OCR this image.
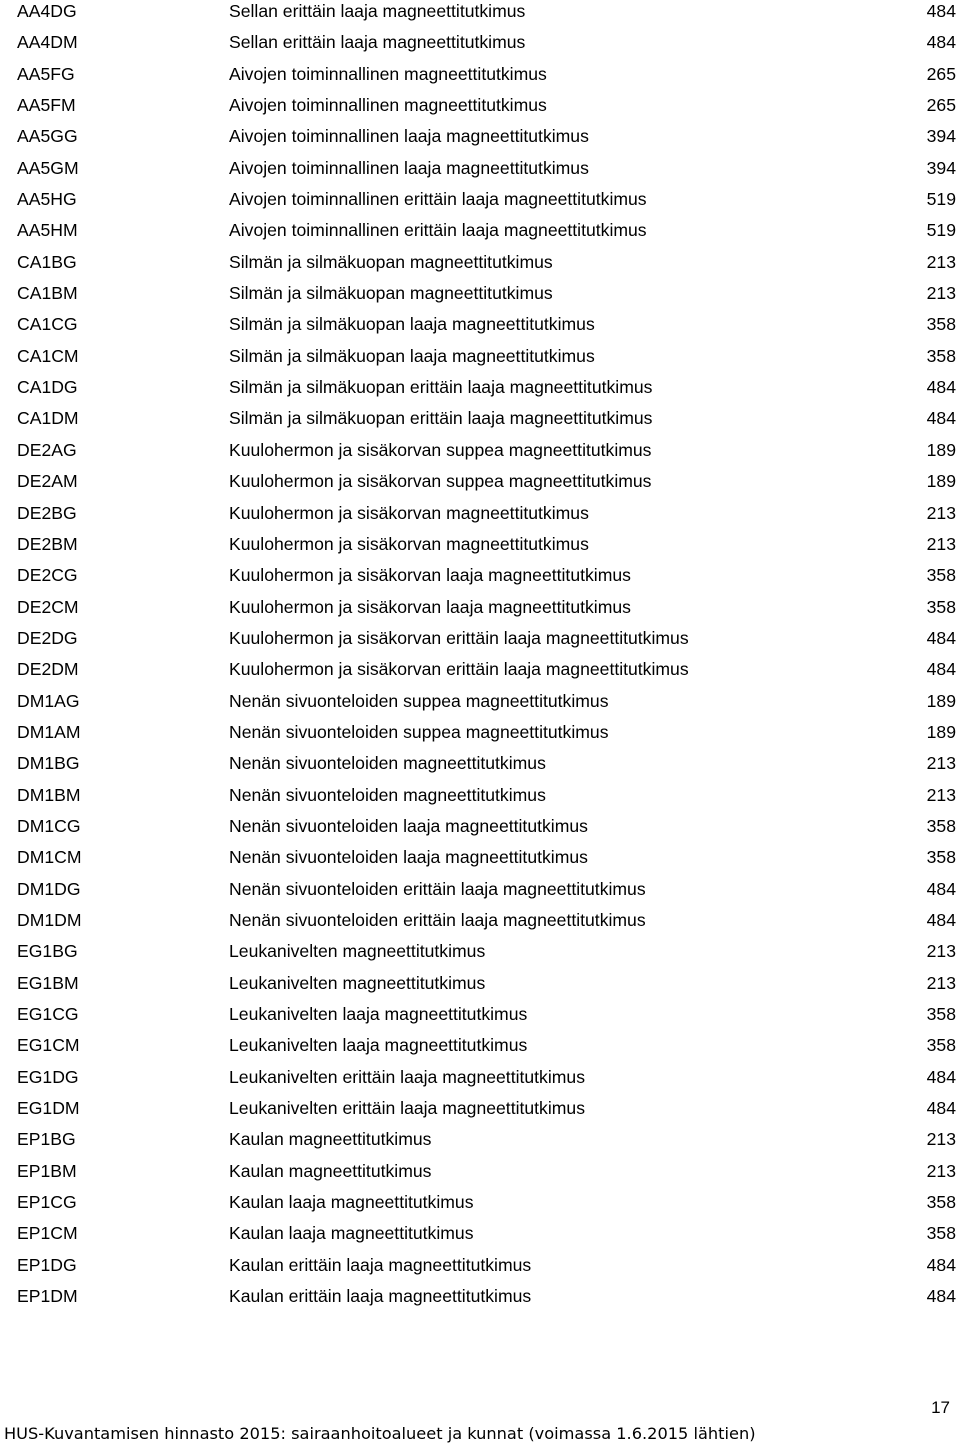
AA4DG	Sellan erittäin laaja magneettitutkimus	484
AA4DM	Sellan erittäin laaja magneettitutkimus	484
AA5FG	Aivojen toiminnallinen magneettitutkimus	265
AA5FM	Aivojen toiminnallinen magneettitutkimus	265
AA5GG	Aivojen toiminnallinen laaja magneettitutkimus	394
AA5GM	Aivojen toiminnallinen laaja magneettitutkimus	394
AA5HG	Aivojen toiminnallinen erittäin laaja magneettitutkimus	519
AA5HM	Aivojen toiminnallinen erittäin laaja magneettitutkimus	519
CA1BG	Silmän ja silmäkuopan magneettitutkimus	213
CA1BM	Silmän ja silmäkuopan magneettitutkimus	213
CA1CG	Silmän ja silmäkuopan laaja magneettitutkimus	358
CA1CM	Silmän ja silmäkuopan laaja magneettitutkimus	358
CA1DG	Silmän ja silmäkuopan erittäin laaja magneettitutkimus	484
CA1DM	Silmän ja silmäkuopan erittäin laaja magneettitutkimus	484
DE2AG	Kuulohermon ja sisäkorvan suppea magneettitutkimus	189
DE2AM	Kuulohermon ja sisäkorvan suppea magneettitutkimus	189
DE2BG	Kuulohermon ja sisäkorvan magneettitutkimus	213
DE2BM	Kuulohermon ja sisäkorvan magneettitutkimus	213
DE2CG	Kuulohermon ja sisäkorvan laaja magneettitutkimus	358
DE2CM	Kuulohermon ja sisäkorvan laaja magneettitutkimus	358
DE2DG	Kuulohermon ja sisäkorvan erittäin laaja magneettitutkimus	484
DE2DM	Kuulohermon ja sisäkorvan erittäin laaja magneettitutkimus	484
DM1AG	Nenän sivuonteloiden suppea magneettitutkimus	189
DM1AM	Nenän sivuonteloiden suppea magneettitutkimus	189
DM1BG	Nenän sivuonteloiden magneettitutkimus	213
DM1BM	Nenän sivuonteloiden magneettitutkimus	213
DM1CG	Nenän sivuonteloiden laaja magneettitutkimus	358
DM1CM	Nenän sivuonteloiden laaja magneettitutkimus	358
DM1DG	Nenän sivuonteloiden erittäin laaja magneettitutkimus	484
DM1DM	Nenän sivuonteloiden erittäin laaja magneettitutkimus	484
EG1BG	Leukanivelten magneettitutkimus	213
EG1BM	Leukanivelten magneettitutkimus	213
EG1CG	Leukanivelten laaja magneettitutkimus	358
EG1CM	Leukanivelten laaja magneettitutkimus	358
EG1DG	Leukanivelten erittäin laaja magneettitutkimus	484
EG1DM	Leukanivelten erittäin laaja magneettitutkimus	484
EP1BG	Kaulan magneettitutkimus	213
EP1BM	Kaulan magneettitutkimus	213
EP1CG	Kaulan laaja magneettitutkimus	358
EP1CM	Kaulan laaja magneettitutkimus	358
EP1DG	Kaulan erittäin laaja magneettitutkimus	484
EP1DM	Kaulan erittäin laaja magneettitutkimus	484
17
HUS-Kuvantamisen hinnasto 2015: sairaanhoitoalueet ja kunnat (voimassa 1.6.2015 lähtien)
